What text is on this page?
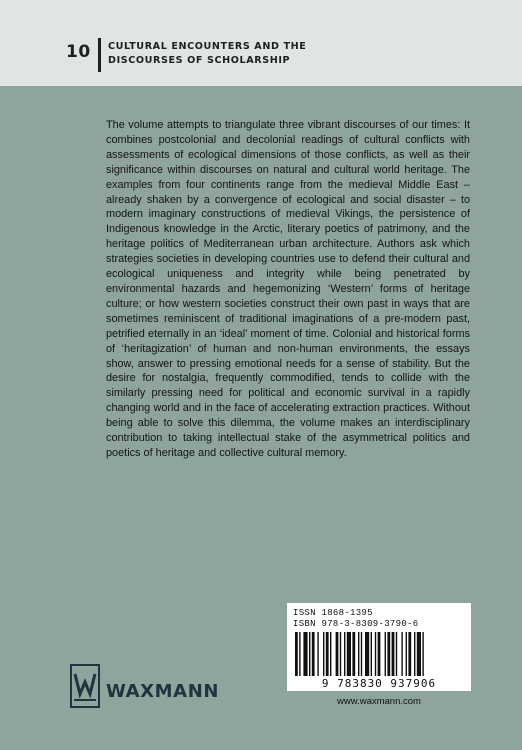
10 CULTURAL ENCOUNTERS AND THE
DISCOURSES OF SCHOLARSHIP

The volume attempts to triangulate three vibrant discourses of our times: It combines postcolonial and decolonial readings of cultural conflicts with assessments of ecological dimensions of those conflicts, as well as their significance within discourses on natural and cultural world heritage. The examples from four continents range from the medieval Middle East – already shaken by a convergence of ecological and social disaster – to modern imaginary constructions of medieval Vikings, the persistence of Indigenous knowledge in the Arctic, literary poetics of patrimony, and the heritage politics of Mediterranean urban architecture. Authors ask which strategies societies in developing countries use to defend their cultural and ecological uniqueness and integrity while being penetrated by environmental hazards and hegemonizing ‘Western’ forms of heritage culture; or how western societies construct their own past in ways that are sometimes reminiscent of traditional imaginations of a pre-modern past, petrified eternally in an ‘ideal’ moment of time. Colonial and historical forms of ‘heritagization’ of human and non-human environments, the essays show, answer to pressing emotional needs for a sense of stability. But the desire for nostalgia, frequently commodified, tends to collide with the similarly pressing need for political and economic survival in a rapidly changing world and in the face of accelerating extraction practices. Without being able to solve this dilemma, the volume makes an interdisciplinary contribution to taking intellectual stake of the asymmetrical politics and poetics of heritage and collective cultural memory.

ISSN 1868-1395
ISBN 978-3-8309-3790-6
9 783830 937906
www.waxmann.com
WAXMANN
